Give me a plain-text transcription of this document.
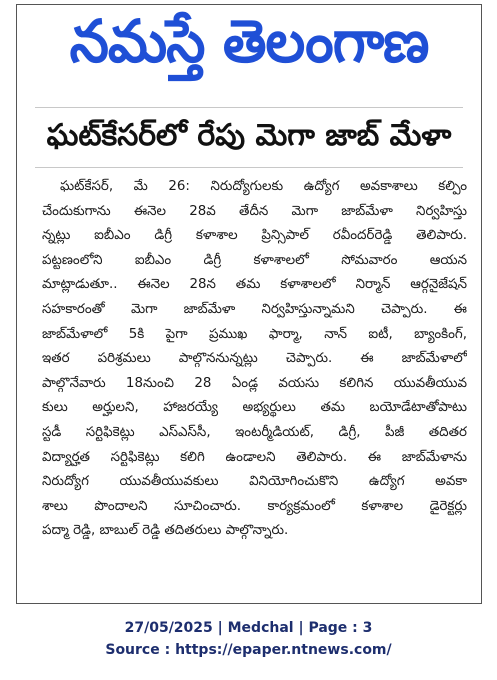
నమస్తే తెలంగాణ
ఘట్‌కేసర్‌లో రేపు మెగా జాబ్ మేళా
ఘట్‌కేసర్, మే 26: నిరుద్యోగులకు ఉద్యోగ అవకాశాలు కల్పిం
చేందుకుగాను ఈనెల 28వ తేదీన మెగా జాబ్‌మేళా నిర్వహిస్తు
న్నట్లు ఐబీఎం డిగ్రీ కళాశాల ప్రిన్సిపాల్ రవీందర్‌రెడ్డి తెలిపారు.
పట్టణంలోని ఐబీఎం డిగ్రీ కళాశాలలో సోమవారం ఆయన
మాట్లాడుతూ.. ఈనెల 28న తమ కళాశాలలో నిర్మాన్ ఆర్గనైజేషన్
సహకారంతో మెగా జాబ్‌మేళా నిర్వహిస్తున్నామని చెప్పారు. ఈ
జాబ్‌మేళాలో 5కి పైగా ప్రముఖ ఫార్మా, నాన్ ఐటీ, బ్యాంకింగ్,
ఇతర పరిశ్రమలు పాల్గొననున్నట్లు చెప్పారు. ఈ జాబ్‌మేళాలో
పాల్గొనేవారు 18నుంచి 28 ఏండ్ల వయసు కలిగిన యువతీయువ
కులు అర్హులని, హాజరయ్యే అభ్యర్థులు తమ బయోడేటాతోపాటు
స్టడీ సర్టిఫికెట్లు ఎస్‌ఎస్‌సీ, ఇంటర్మీడియట్, డిగ్రీ, పీజీ తదితర
విద్యార్హత సర్టిఫికెట్లు కలిగి ఉండాలని తెలిపారు. ఈ జాబ్‌మేళాను
నిరుద్యోగ యువతీయువకులు వినియోగించుకొని ఉద్యోగ అవకా
శాలు పొందాలని సూచించారు. కార్యక్రమంలో కళాశాల డైరెక్టర్లు
పద్మా రెడ్డి, బాబుల్ రెడ్డి తదితరులు పాల్గొన్నారు.
27/05/2025 | Medchal | Page : 3
Source : https://epaper.ntnews.com/
